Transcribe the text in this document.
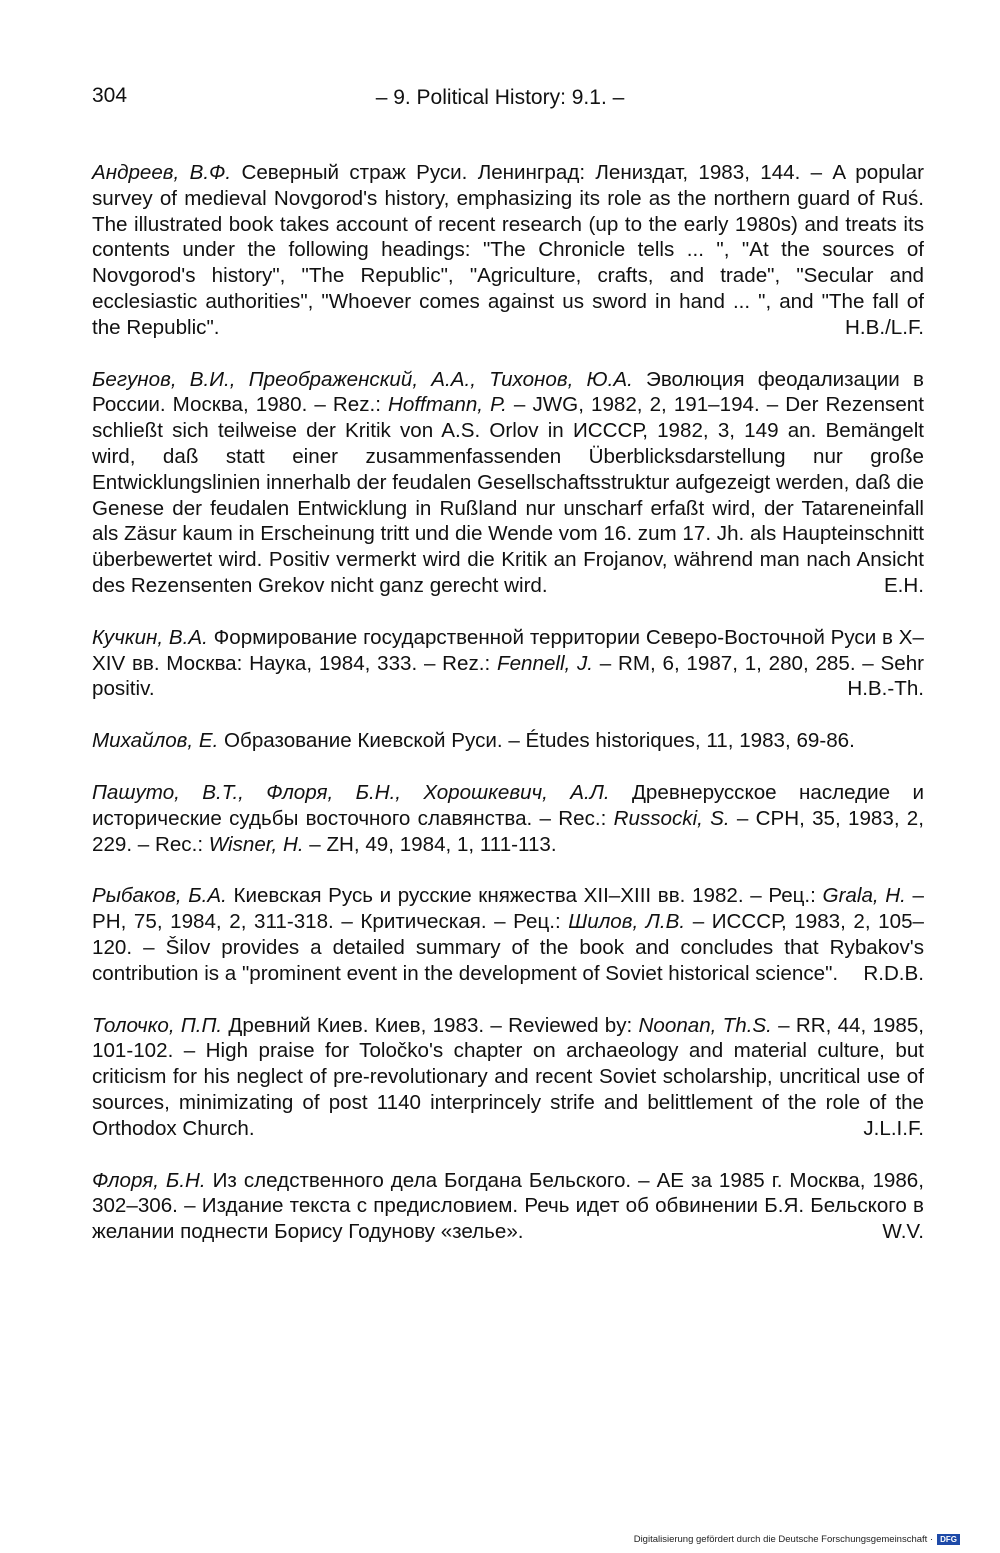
304	– 9. Political History: 9.1. –

Андреев, В.Ф. Северный страж Руси. Ленинград: Лениздат, 1983, 144. – A popular survey of medieval Novgorod's history, emphasizing its role as the northern guard of Ruś. The illustrated book takes account of recent research (up to the early 1980s) and treats its contents under the following headings: "The Chronicle tells ... ", "At the sources of Novgorod's history", "The Republic", "Agriculture, crafts, and trade", "Secular and ecclesiastic authorities", "Whoever comes against us sword in hand ... ", and "The fall of the Republic".	H.B./L.F.

Бегунов, В.И., Преображенский, А.А., Тихонов, Ю.А. Эволюция феодализации в России. Москва, 1980. – Rez.: Hoffmann, P. – JWG, 1982, 2, 191–194. – Der Rezensent schließt sich teilweise der Kritik von A.S. Orlov in ИСССР, 1982, 3, 149 an. Bemängelt wird, daß statt einer zusammenfassenden Überblicksdarstellung nur große Entwicklungslinien innerhalb der feudalen Gesellschaftsstruktur aufgezeigt werden, daß die Genese der feudalen Entwicklung in Rußland nur unscharf erfaßt wird, der Tatareneinfall als Zäsur kaum in Erscheinung tritt und die Wende vom 16. zum 17. Jh. als Haupteinschnitt überbewertet wird. Positiv vermerkt wird die Kritik an Frojanov, während man nach Ansicht des Rezensenten Grekov nicht ganz gerecht wird.	E.H.

Кучкин, В.А. Формирование государственной территории Северо-Восточной Руси в X–XIV вв. Москва: Наука, 1984, 333. – Rez.: Fennell, J. – RM, 6, 1987, 1, 280, 285. – Sehr positiv.	H.B.-Th.

Михайлов, Е. Образование Киевской Руси. – Études historiques, 11, 1983, 69-86.

Пашуто, В.Т., Флоря, Б.Н., Хорошкевич, А.Л. Древнерусское наследие и исторические судьбы восточного славянства. – Rec.: Russocki, S. – CPH, 35, 1983, 2, 229. – Rec.: Wisner, H. – ZH, 49, 1984, 1, 111-113.

Рыбаков, Б.А. Киевская Русь и русские княжества XII–XIII вв. 1982. – Рец.: Grala, H. – PH, 75, 1984, 2, 311-318. – Критическая. – Рец.: Шилов, Л.В. – ИСССР, 1983, 2, 105–120. – Šilov provides a detailed summary of the book and concludes that Rybakov's contribution is a "prominent event in the development of Soviet historical science". R.D.B.

Толочко, П.П. Древний Киев. Киев, 1983. – Reviewed by: Noonan, Th.S. – RR, 44, 1985, 101-102. – High praise for Toločko's chapter on archaeology and material culture, but criticism for his neglect of pre-revolutionary and recent Soviet scholarship, uncritical use of sources, minimizating of post 1140 interprincely strife and belittlement of the role of the Orthodox Church.	J.L.I.F.

Флоря, Б.Н. Из следственного дела Богдана Бельского. – АЕ за 1985 г. Москва, 1986, 302–306. – Издание текста с предисловием. Речь идет об обвинении Б.Я. Бельского в желании поднести Борису Годунову «зелье».	W.V.

Digitalisierung gefördert durch die Deutsche Forschungsgemeinschaft · DFG
